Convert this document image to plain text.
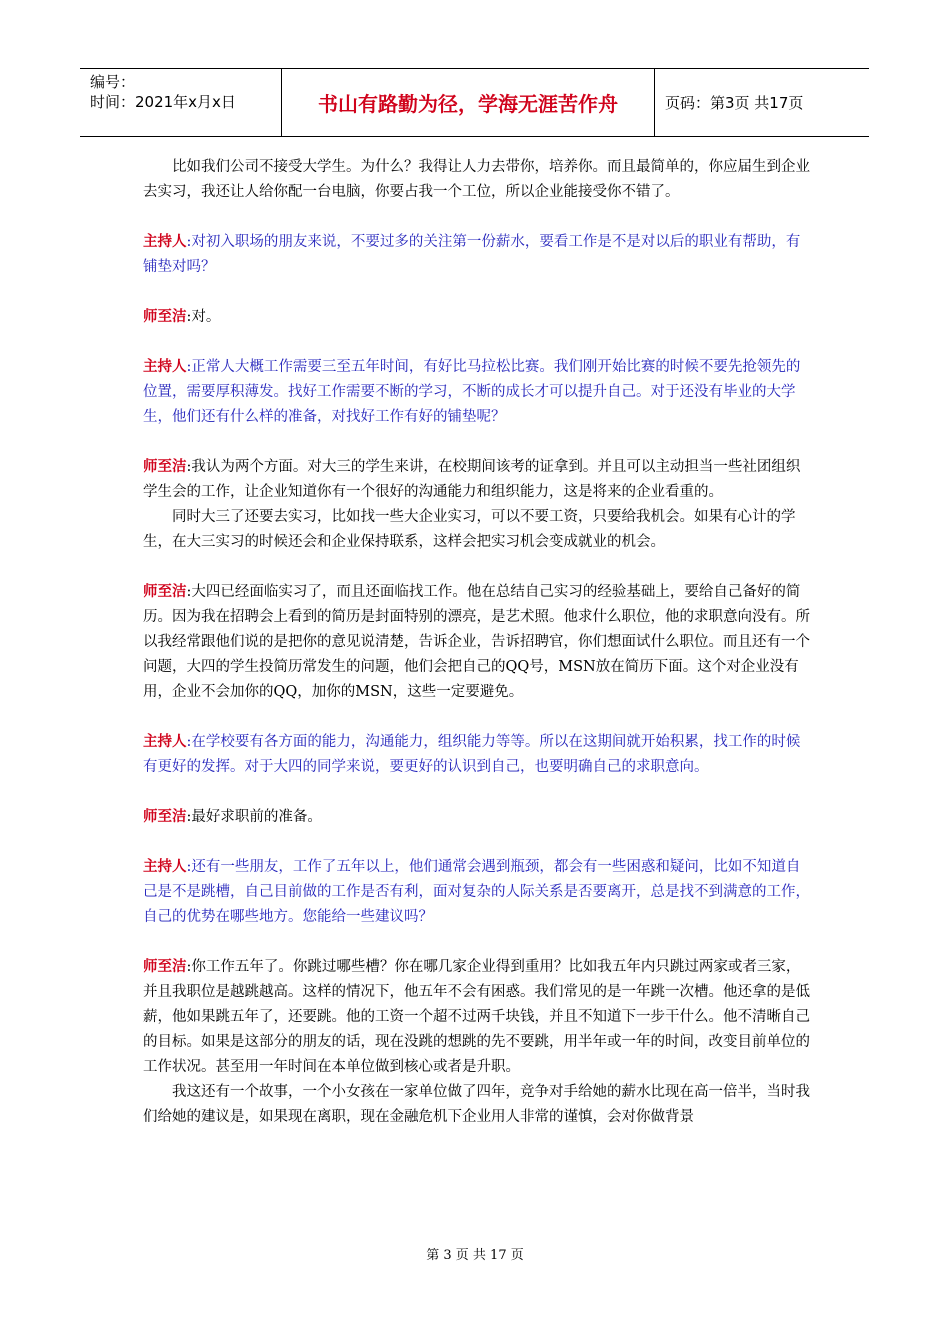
编号：
时间：2021年x月x日	书山有路勤为径，学海无涯苦作舟	页码：第3页 共17页

比如我们公司不接受大学生。为什么？我得让人力去带你，培养你。而且最简单的，你应届生到企业去实习，我还让人给你配一台电脑，你要占我一个工位，所以企业能接受你不错了。

主持人:对初入职场的朋友来说，不要过多的关注第一份薪水，要看工作是不是对以后的职业有帮助，有铺垫对吗？

师至洁:对。

主持人:正常人大概工作需要三至五年时间，有好比马拉松比赛。我们刚开始比赛的时候不要先抢领先的位置，需要厚积薄发。找好工作需要不断的学习，不断的成长才可以提升自己。对于还没有毕业的大学生，他们还有什么样的准备，对找好工作有好的铺垫呢？

师至洁:我认为两个方面。对大三的学生来讲，在校期间该考的证拿到。并且可以主动担当一些社团组织学生会的工作，让企业知道你有一个很好的沟通能力和组织能力，这是将来的企业看重的。

同时大三了还要去实习，比如找一些大企业实习，可以不要工资，只要给我机会。如果有心计的学生，在大三实习的时候还会和企业保持联系，这样会把实习机会变成就业的机会。

师至洁:大四已经面临实习了，而且还面临找工作。他在总结自己实习的经验基础上，要给自己备好的简历。因为我在招聘会上看到的简历是封面特别的漂亮，是艺术照。他求什么职位，他的求职意向没有。所以我经常跟他们说的是把你的意见说清楚，告诉企业，告诉招聘官，你们想面试什么职位。而且还有一个问题，大四的学生投简历常发生的问题，他们会把自己的QQ号，MSN放在简历下面。这个对企业没有用，企业不会加你的QQ，加你的MSN，这些一定要避免。

主持人:在学校要有各方面的能力，沟通能力，组织能力等等。所以在这期间就开始积累，找工作的时候有更好的发挥。对于大四的同学来说，要更好的认识到自己，也要明确自己的求职意向。

师至洁:最好求职前的准备。

主持人:还有一些朋友，工作了五年以上，他们通常会遇到瓶颈，都会有一些困惑和疑问，比如不知道自己是不是跳槽，自己目前做的工作是否有利，面对复杂的人际关系是否要离开，总是找不到满意的工作，自己的优势在哪些地方。您能给一些建议吗？

师至洁:你工作五年了。你跳过哪些槽？你在哪几家企业得到重用？比如我五年内只跳过两家或者三家，并且我职位是越跳越高。这样的情况下，他五年不会有困惑。我们常见的是一年跳一次槽。他还拿的是低薪，他如果跳五年了，还要跳。他的工资一个超不过两千块钱，并且不知道下一步干什么。他不清晰自己的目标。如果是这部分的朋友的话，现在没跳的想跳的先不要跳，用半年或一年的时间，改变目前单位的工作状况。甚至用一年时间在本单位做到核心或者是升职。

我这还有一个故事，一个小女孩在一家单位做了四年，竞争对手给她的薪水比现在高一倍半，当时我们给她的建议是，如果现在离职，现在金融危机下企业用人非常的谨慎，会对你做背景

第 3 页 共 17 页
